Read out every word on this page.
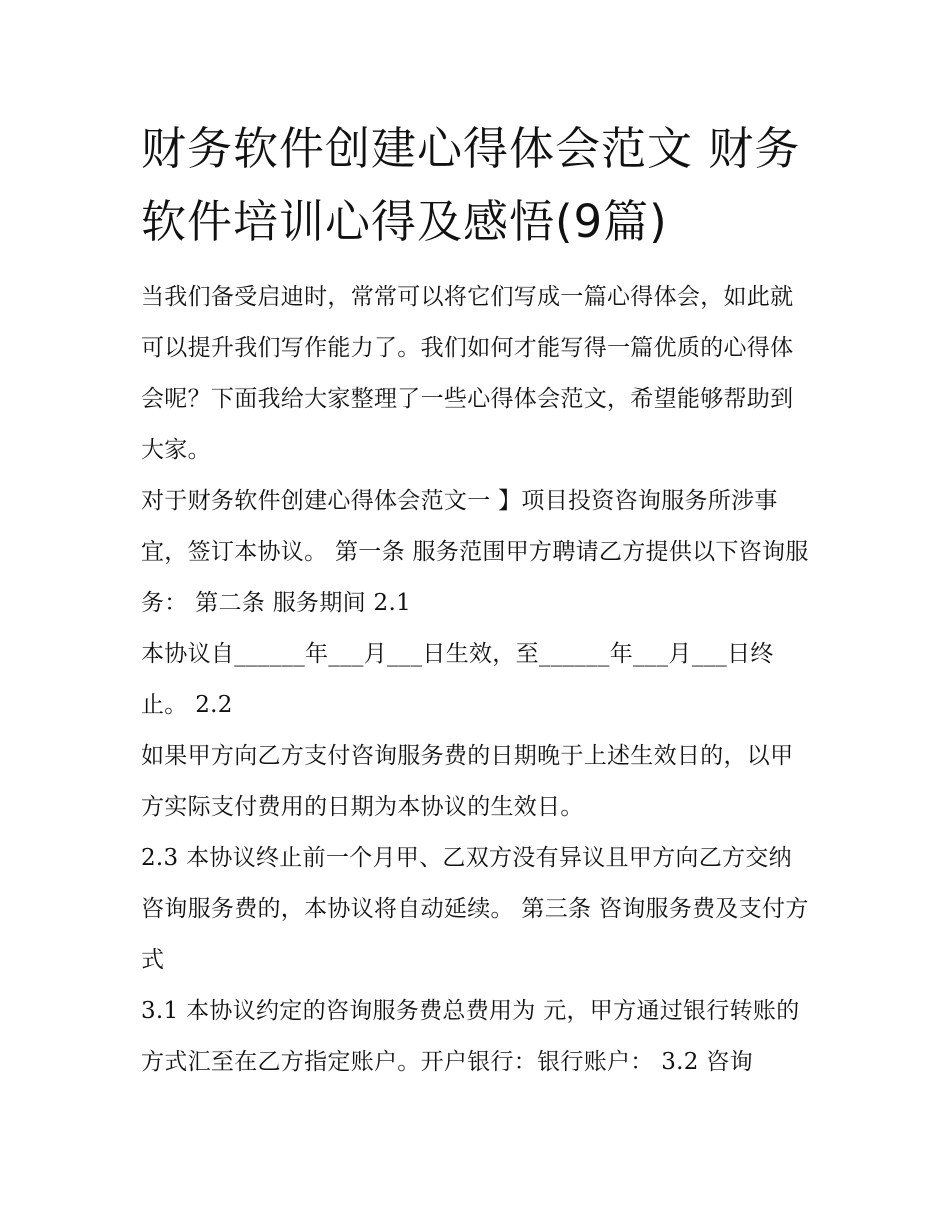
财务软件创建心得体会范文 财务软件培训心得及感悟(9篇)

当我们备受启迪时，常常可以将它们写成一篇心得体会，如此就可以提升我们写作能力了。我们如何才能写得一篇优质的心得体会呢？下面我给大家整理了一些心得体会范文，希望能够帮助到大家。

对于财务软件创建心得体会范文一 】项目投资咨询服务所涉事宜，签订本协议。 第一条 服务范围甲方聘请乙方提供以下咨询服务： 第二条 服务期间 2.1

本协议自______年___月___日生效，至______年___月___日终止。 2.2

如果甲方向乙方支付咨询服务费的日期晚于上述生效日的，以甲方实际支付费用的日期为本协议的生效日。

2.3 本协议终止前一个月甲、乙双方没有异议且甲方向乙方交纳咨询服务费的，本协议将自动延续。 第三条 咨询服务费及支付方式

3.1 本协议约定的咨询服务费总费用为 元，甲方通过银行转账的方式汇至在乙方指定账户。开户银行：银行账户： 3.2 咨询
